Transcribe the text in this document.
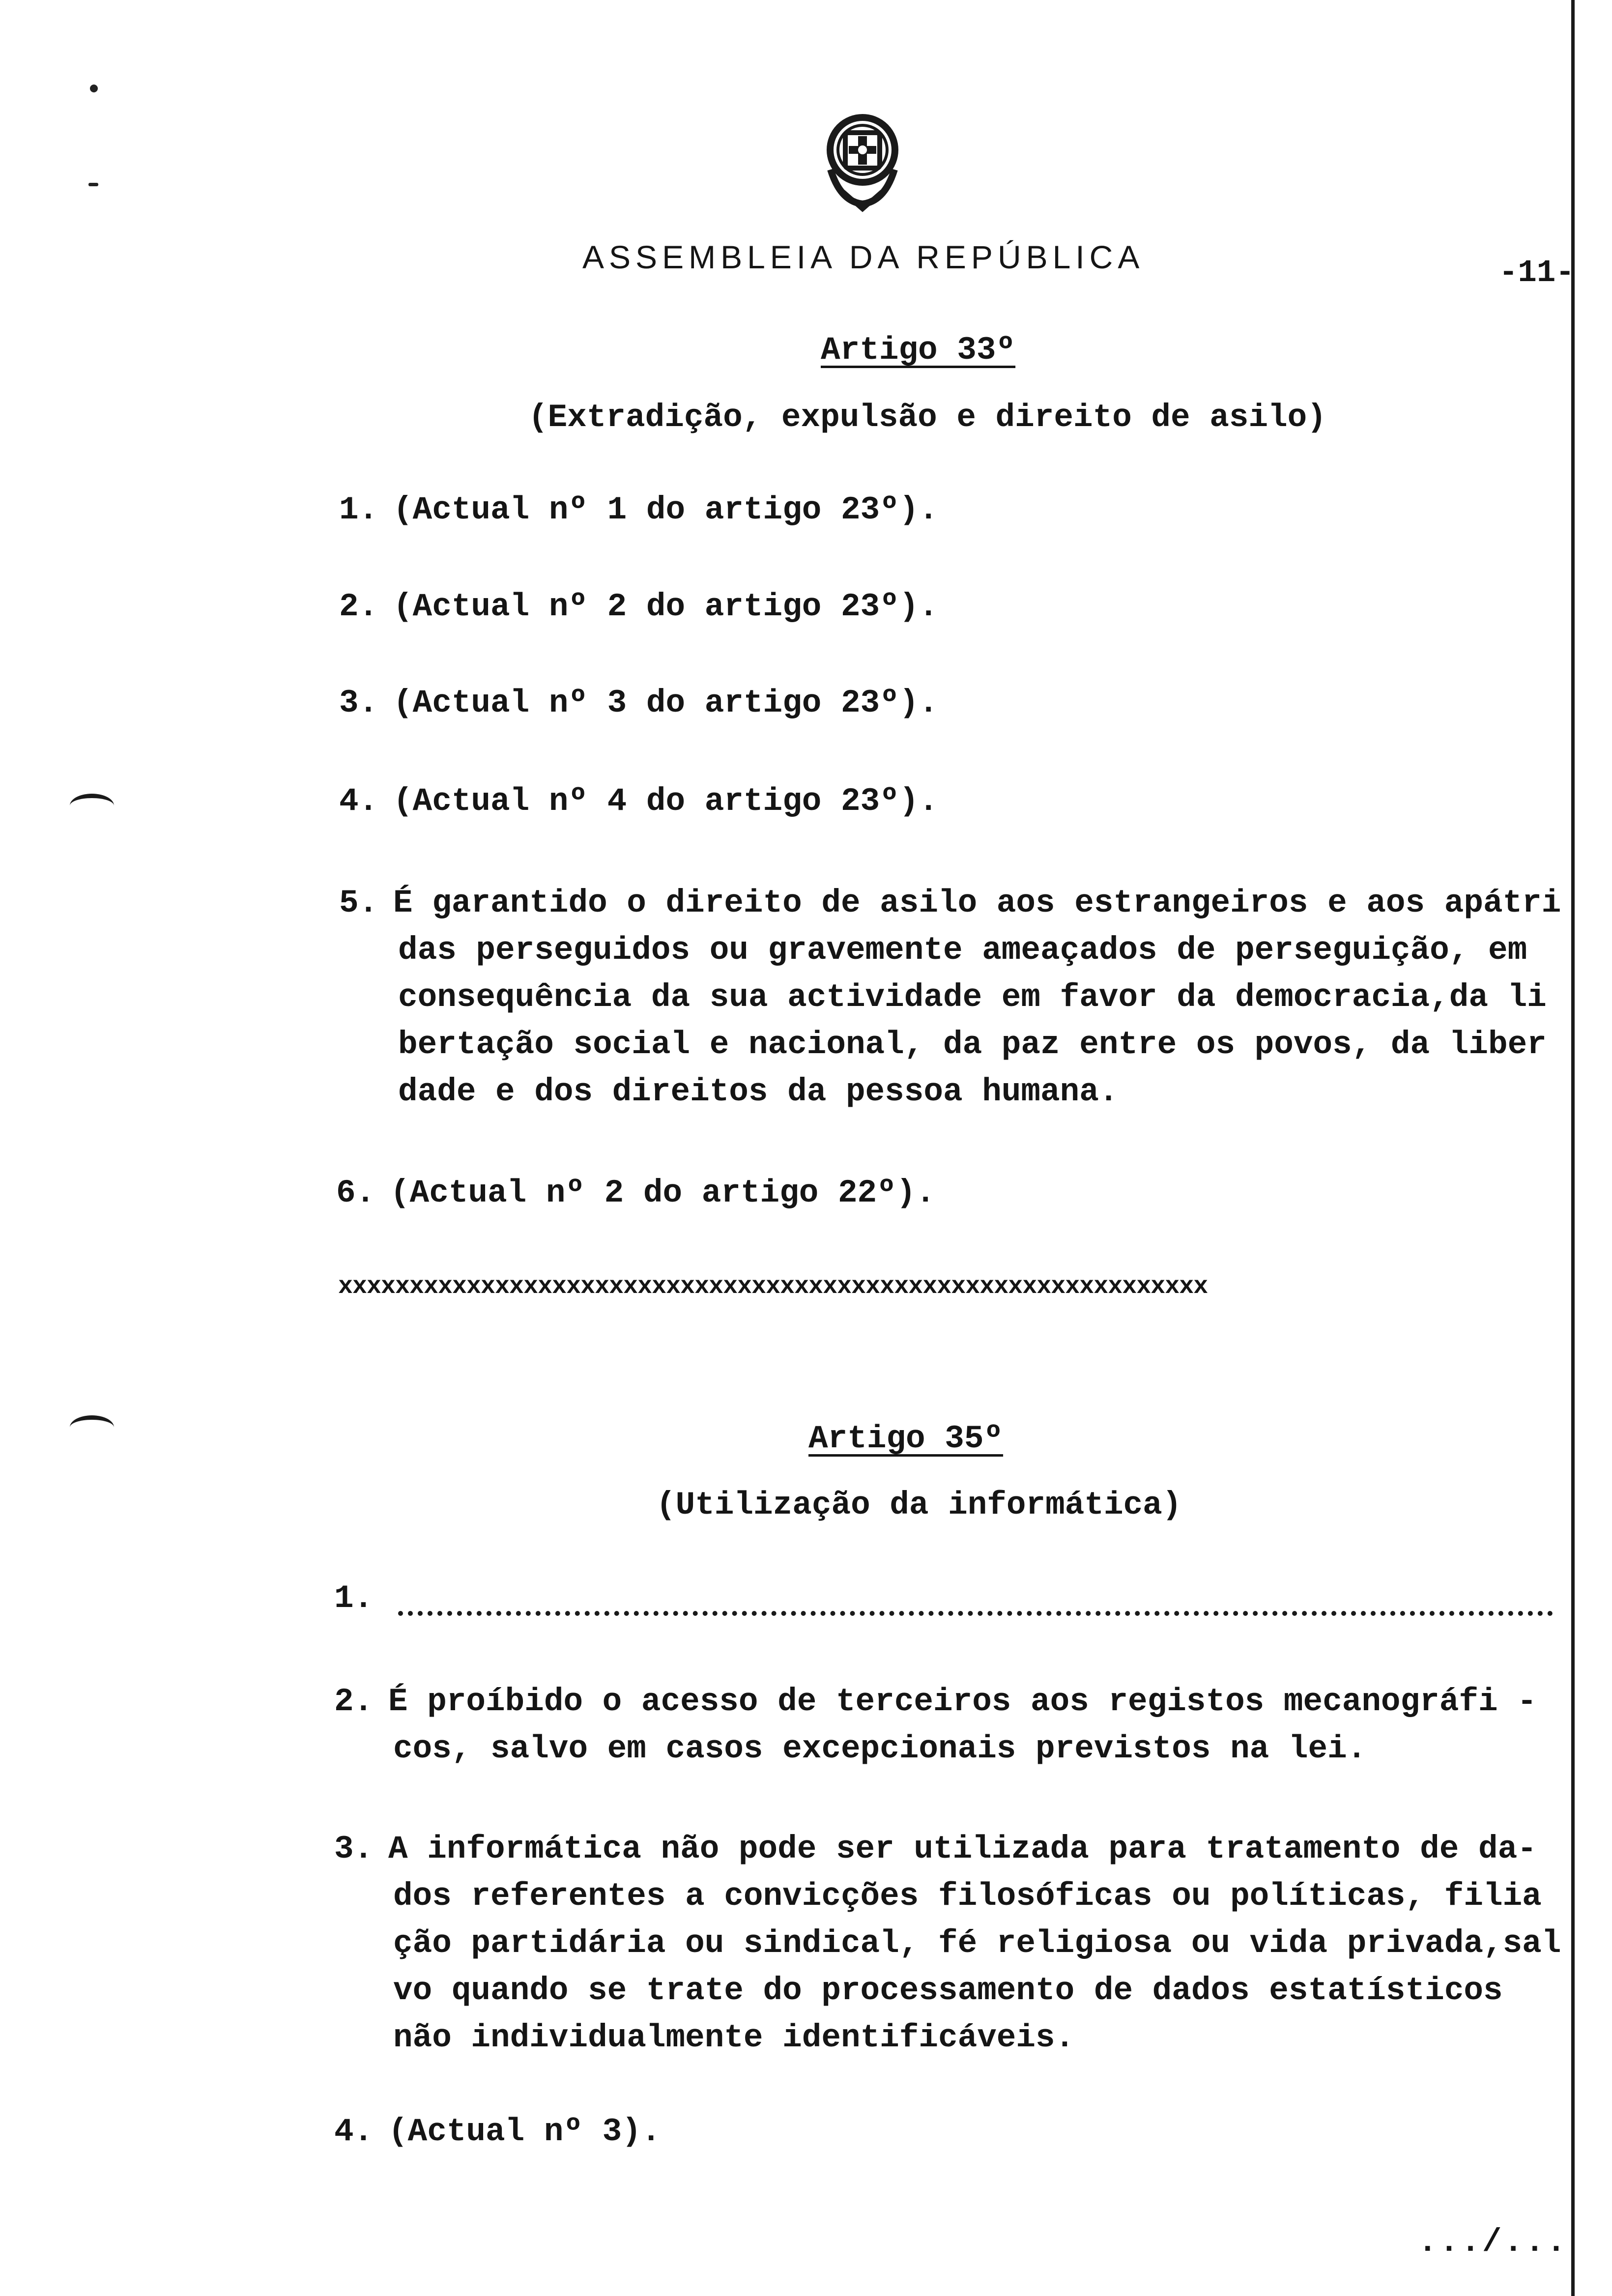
ASSEMBLEIA DA REPÚBLICA	-11-
Artigo 33º
(Extradição, expulsão e direito de asilo)
1. (Actual nº 1 do artigo 23º).
2. (Actual nº 2 do artigo 23º).
3. (Actual nº 3 do artigo 23º).
4. (Actual nº 4 do artigo 23º).
5. É garantido o direito de asilo aos estrangeiros e aos apátri
das perseguidos ou gravemente ameaçados de perseguição, em
consequência da sua actividade em favor da democracia,da li
bertação social e nacional, da paz entre os povos, da liber
dade e dos direitos da pessoa humana.
6. (Actual nº 2 do artigo 22º).
xxxxxxxxxxxxxxxxxxxxxxxxxxxxxxxxxxxxxxxxxxxxxxxxxxxxxxxxxxxxx
Artigo 35º
(Utilização da informática)
1.
2. É proíbido o acesso de terceiros aos registos mecanográfi -
cos, salvo em casos excepcionais previstos na lei.
3. A informática não pode ser utilizada para tratamento de da-
dos referentes a convicções filosóficas ou políticas, filia
ção partidária ou sindical, fé religiosa ou vida privada,sal
vo quando se trate do processamento de dados estatísticos
não individualmente identificáveis.
4. (Actual nº 3).
.../...
